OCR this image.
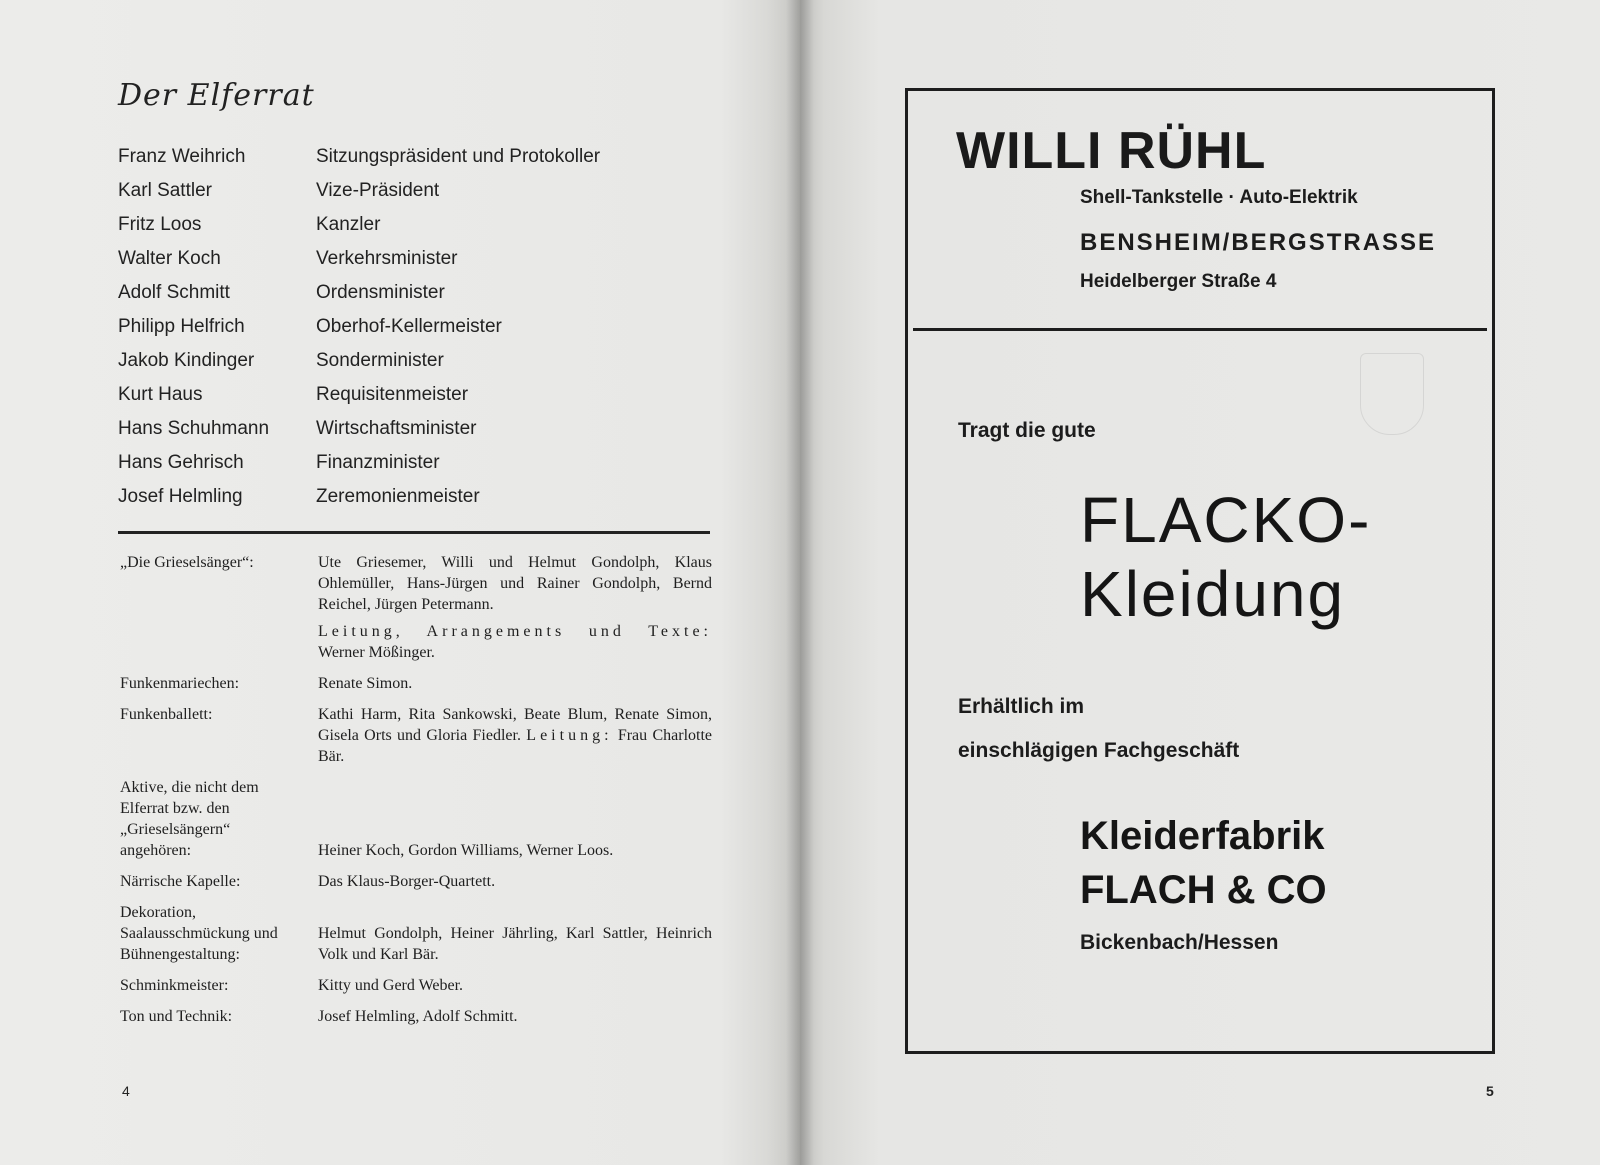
Der Elferrat
Franz Weihrich	Sitzungspräsident und Protokoller
Karl Sattler	Vize-Präsident
Fritz Loos	Kanzler
Walter Koch	Verkehrsminister
Adolf Schmitt	Ordensminister
Philipp Helfrich	Oberhof-Kellermeister
Jakob Kindinger	Sonderminister
Kurt Haus	Requisitenmeister
Hans Schuhmann Wirtschaftsminister
Hans Gehrisch	Finanzminister
Josef Helmling	Zeremonienmeister
„Die Grieselsänger“:	Ute Griesemer, Willi und Helmut Gondolph, Klaus Ohlemüller, Hans-Jürgen und Rainer Gondolph, Bernd Reichel, Jürgen Petermann.
Leitung, Arrangements und Texte: Werner Mößinger.
Funkenmariechen:	Renate Simon.
Funkenballett:	Kathi Harm, Rita Sankowski, Beate Blum, Renate Simon, Gisela Orts und Gloria Fiedler. Leitung: Frau Charlotte Bär.
Aktive, die nicht dem Elferrat bzw. den „Grieselsängern“ angehören:	Heiner Koch, Gordon Williams, Werner Loos.
Närrische Kapelle:	Das Klaus-Borger-Quartett.
Dekoration, Saalausschmückung und Bühnengestaltung:
Helmut Gondolph, Heiner Jährling, Karl Sattler, Heinrich Volk und Karl Bär.
Schminkmeister:	Kitty und Gerd Weber.
Ton und Technik:	Josef Helmling, Adolf Schmitt.
4
WILLI RÜHL
Shell-Tankstelle · Auto-Elektrik
BENSHEIM/BERGSTRASSE
Heidelberger Straße 4
Tragt die gute
FLACKO-
Kleidung
Erhältlich im
einschlägigen Fachgeschäft
Kleiderfabrik
FLACH & CO
Bickenbach/Hessen
5
